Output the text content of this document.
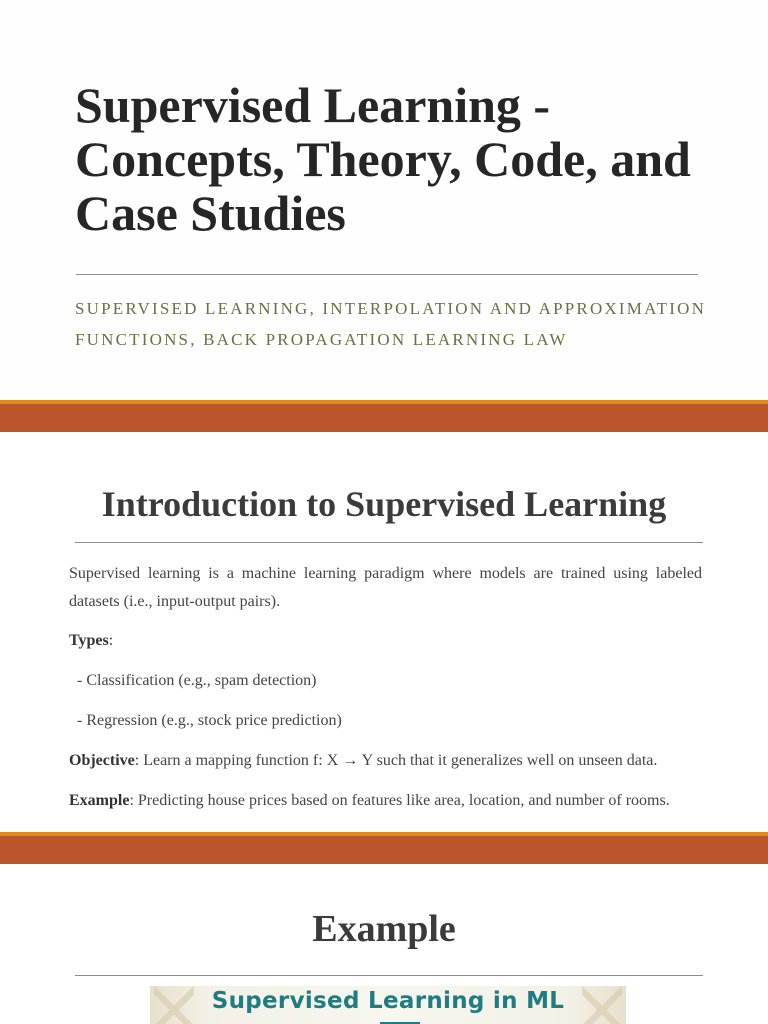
Supervised Learning - Concepts, Theory, Code, and Case Studies
SUPERVISED LEARNING, INTERPOLATION AND APPROXIMATION FUNCTIONS, BACK PROPAGATION LEARNING LAW
Introduction to Supervised Learning

Supervised learning is a machine learning paradigm where models are trained using labeled datasets (i.e., input-output pairs).

Types:
- Classification (e.g., spam detection)
- Regression (e.g., stock price prediction)
Objective: Learn a mapping function f: X → Y such that it generalizes well on unseen data.
Example: Predicting house prices based on features like area, location, and number of rooms.
Example
Supervised Learning in ML
